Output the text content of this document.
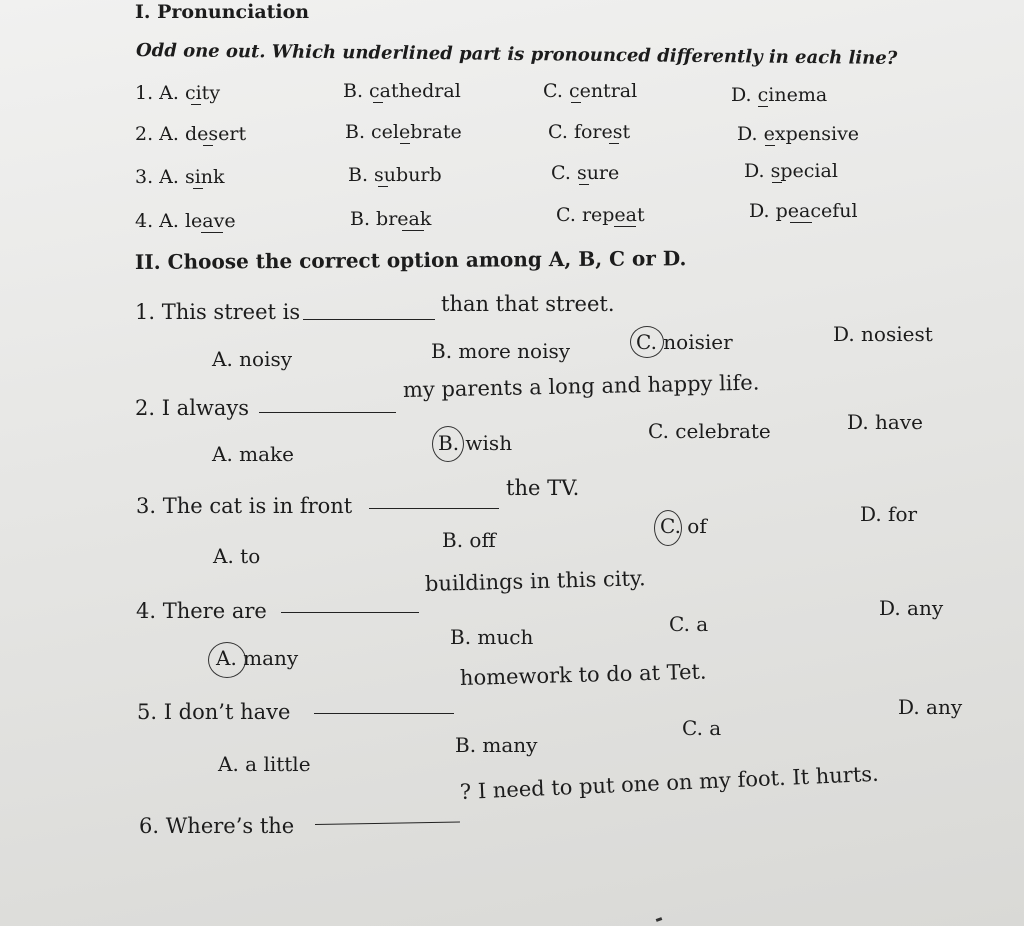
I. Pronunciation
Odd one out. Which underlined part is pronounced differently in each line?
1. A. city	B. cathedral	C. central	D. cinema
2. A. desert	B. celebrate	C. forest	D. expensive
3. A. sink	B. suburb	C. sure	D. special
4. A. leave	B. break	C. repeat	D. peaceful
II. Choose the correct option among A, B, C or D.
1. This street is	than that street.
A. noisy	B. more noisy	C. noisier	D. nosiest
2. I always
my parents a long and happy life.
A. make	B. wish	C. celebrate	D. have
3. The cat is in front
the TV.
A. to
B. off
C. of	D. for
4. There are
buildings in this city.
A. many
B. much
C. a
D. any
5. I don’t have
homework to do at Tet.
A. a little
B. many
C. a
D. any
6. Where’s the
? I need to put one on my foot. It hurts.
